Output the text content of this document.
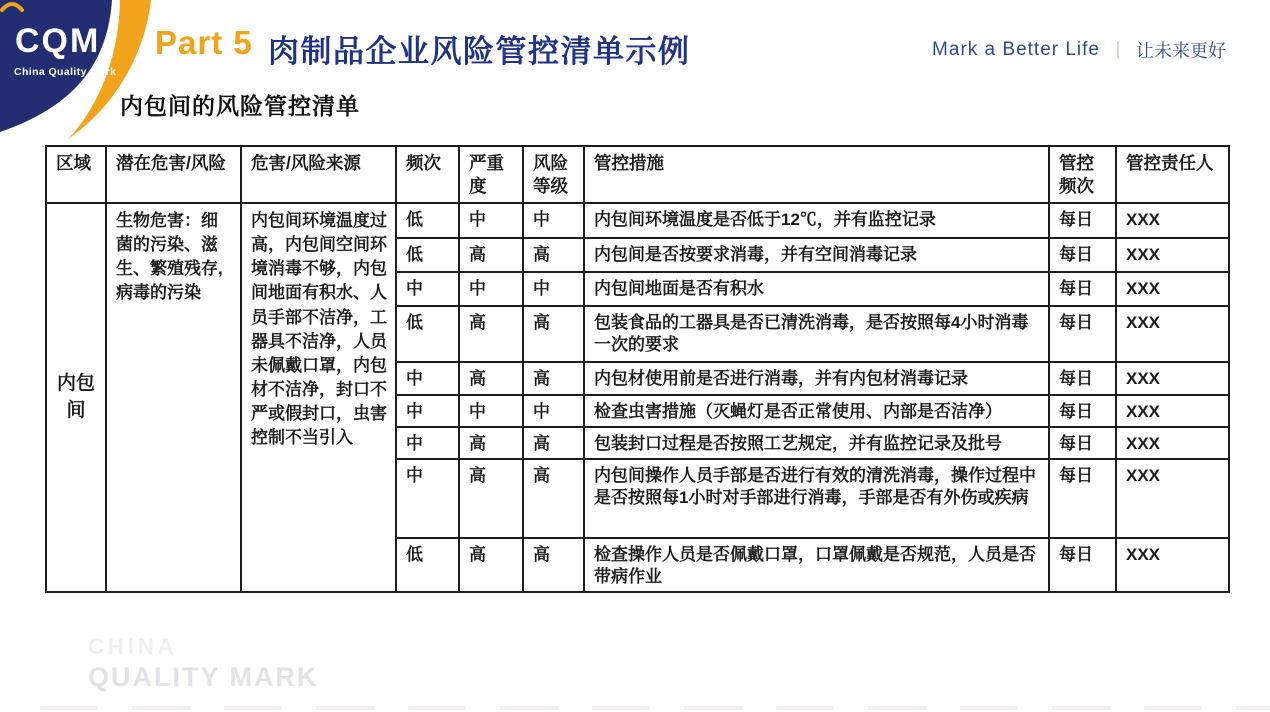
CQM
China Quality Mark
Part 5 肉制品企业风险管控清单示例	Mark a Better Life ｜ 让未来更好
内包间的风险管控清单
区域	潜在危害/风险	危害/风险来源	频次	严重度	风险等级	管控措施	管控频次	管控责任人
内包间	生物危害：细菌的污染、滋生、繁殖残存,病毒的污染	内包间环境温度过高，内包间空间环境消毒不够，内包间地面有积水、人员手部不洁净，工器具不洁净，人员未佩戴口罩，内包材不洁净，封口不严或假封口，虫害控制不当引入	低	中	中	内包间环境温度是否低于12℃，并有监控记录	每日	XXX
			低	高	高	内包间是否按要求消毒，并有空间消毒记录	每日	XXX
			中	中	中	内包间地面是否有积水	每日	XXX
			低	高	高	包装食品的工器具是否已清洗消毒，是否按照每4小时消毒一次的要求	每日	XXX
			中	高	高	内包材使用前是否进行消毒，并有内包材消毒记录	每日	XXX
			中	中	中	检查虫害措施（灭蝇灯是否正常使用、内部是否洁净）	每日	XXX
			中	高	高	包装封口过程是否按照工艺规定，并有监控记录及批号	每日	XXX
			中	高	高	内包间操作人员手部是否进行有效的清洗消毒，操作过程中是否按照每1小时对手部进行消毒，手部是否有外伤或疾病	每日	XXX
			低	高	高	检查操作人员是否佩戴口罩，口罩佩戴是否规范，人员是否带病作业	每日	XXX
CHINA
QUALITY MARK
